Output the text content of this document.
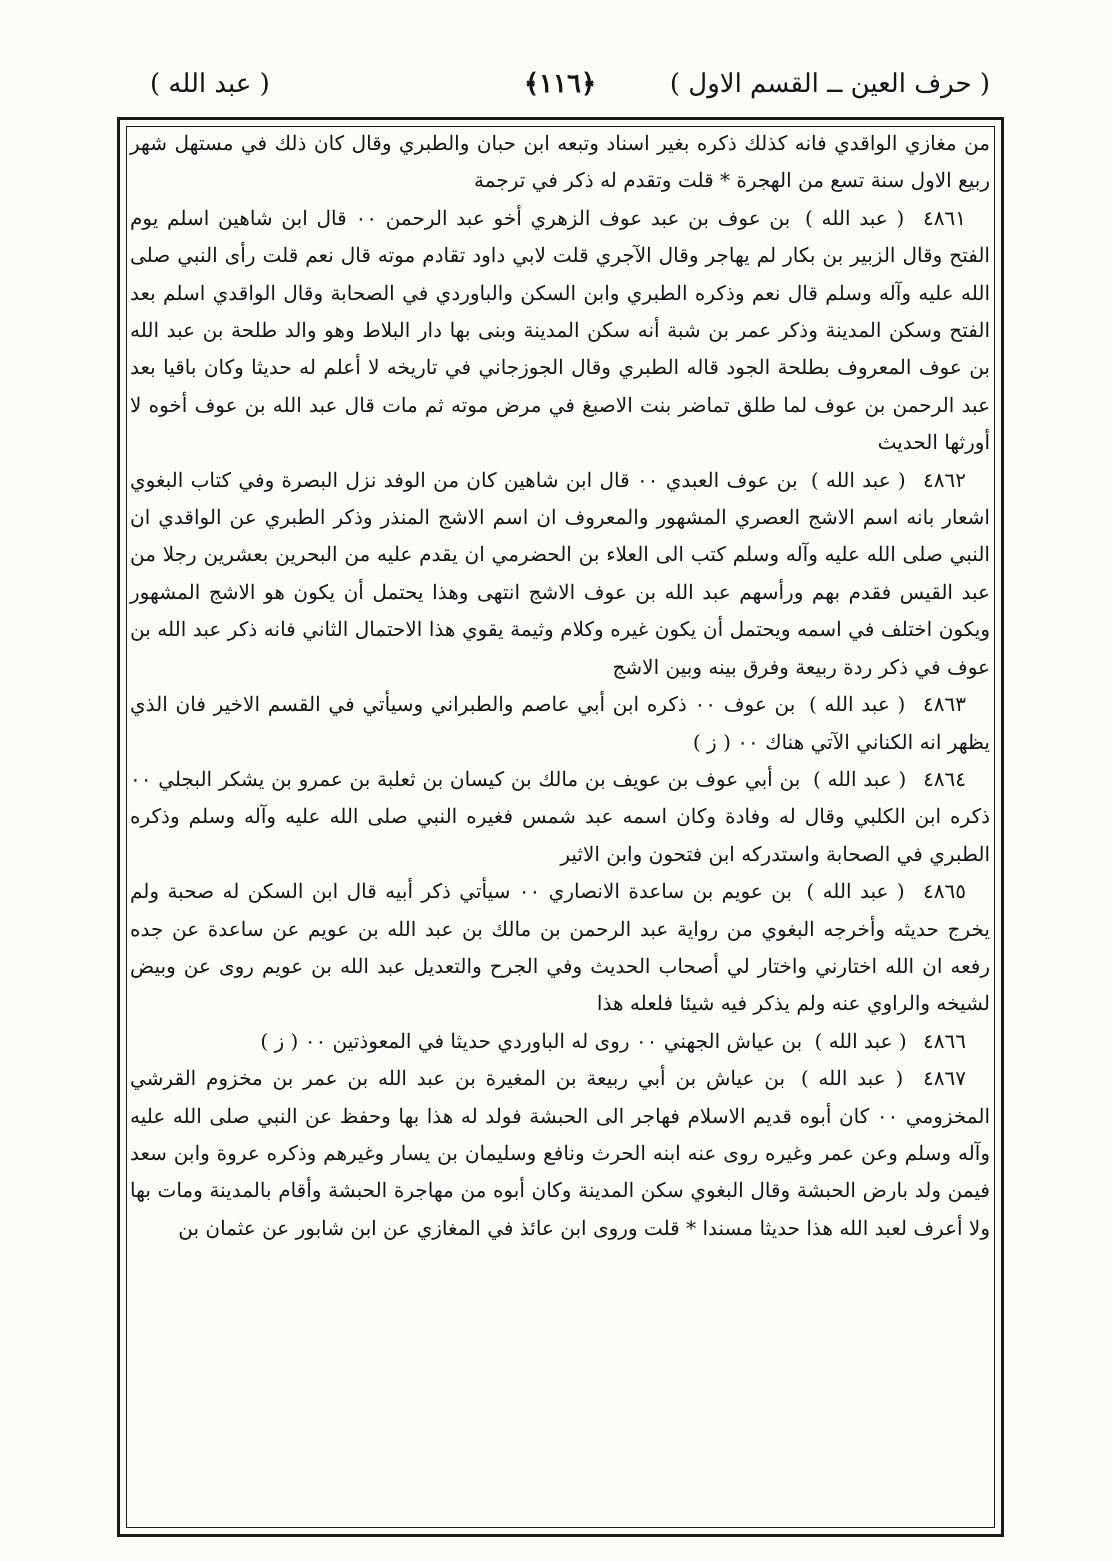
( حرف العين ــ القسم الاول )
﴿١١٦﴾
( عبد الله )

من مغازي الواقدي فانه كذلك ذكره بغير اسناد وتبعه ابن حبان والطبري وقال كان ذلك في مستهل شهر ربيع الاول سنة تسع من الهجرة * قلت وتقدم له ذكر في ترجمة

٤٨٦١ ( عبد الله ) بن عوف بن عبد عوف الزهري أخو عبد الرحمن ٠٠ قال ابن شاهين اسلم يوم الفتح وقال الزبير بن بكار لم يهاجر وقال الآجري قلت لابي داود تقادم موته قال نعم قلت رأى النبي صلى الله عليه وآله وسلم قال نعم وذكره الطبري وابن السكن والباوردي في الصحابة وقال الواقدي اسلم بعد الفتح وسكن المدينة وذكر عمر بن شبة أنه سكن المدينة وبنى بها دار البلاط وهو والد طلحة بن عبد الله بن عوف المعروف بطلحة الجود قاله الطبري وقال الجوزجاني في تاريخه لا أعلم له حديثا وكان باقيا بعد عبد الرحمن بن عوف لما طلق تماضر بنت الاصبغ في مرض موته ثم مات قال عبد الله بن عوف أخوه لا أورثها الحديث

٤٨٦٢ ( عبد الله ) بن عوف العبدي ٠٠ قال ابن شاهين كان من الوفد نزل البصرة وفي كتاب البغوي اشعار بانه اسم الاشج العصري المشهور والمعروف ان اسم الاشج المنذر وذكر الطبري عن الواقدي ان النبي صلى الله عليه وآله وسلم كتب الى العلاء بن الحضرمي ان يقدم عليه من البحرين بعشرين رجلا من عبد القيس فقدم بهم ورأسهم عبد الله بن عوف الاشج انتهى وهذا يحتمل أن يكون هو الاشج المشهور ويكون اختلف في اسمه ويحتمل أن يكون غيره وكلام وثيمة يقوي هذا الاحتمال الثاني فانه ذكر عبد الله بن عوف في ذكر ردة ربيعة وفرق بينه وبين الاشج

٤٨٦٣ ( عبد الله ) بن عوف ٠٠ ذكره ابن أبي عاصم والطبراني وسيأتي في القسم الاخير فان الذي يظهر انه الكناني الآتي هناك ٠٠ ( ز )

٤٨٦٤ ( عبد الله ) بن أبي عوف بن عويف بن مالك بن كيسان بن ثعلبة بن عمرو بن يشكر البجلي ٠٠ ذكره ابن الكلبي وقال له وفادة وكان اسمه عبد شمس فغيره النبي صلى الله عليه وآله وسلم وذكره الطبري في الصحابة واستدركه ابن فتحون وابن الاثير

٤٨٦٥ ( عبد الله ) بن عويم بن ساعدة الانصاري ٠٠ سيأتي ذكر أبيه قال ابن السكن له صحبة ولم يخرج حديثه وأخرجه البغوي من رواية عبد الرحمن بن مالك بن عبد الله بن عويم عن ساعدة عن جده رفعه ان الله اختارني واختار لي أصحاب الحديث وفي الجرح والتعديل عبد الله بن عويم روى عن وبيض لشيخه والراوي عنه ولم يذكر فيه شيئا فلعله هذا

٤٨٦٦ ( عبد الله ) بن عياش الجهني ٠٠ روى له الباوردي حديثا في المعوذتين ٠٠ ( ز )

٤٨٦٧ ( عبد الله ) بن عياش بن أبي ربيعة بن المغيرة بن عبد الله بن عمر بن مخزوم القرشي المخزومي ٠٠ كان أبوه قديم الاسلام فهاجر الى الحبشة فولد له هذا بها وحفظ عن النبي صلى الله عليه وآله وسلم وعن عمر وغيره روى عنه ابنه الحرث ونافع وسليمان بن يسار وغيرهم وذكره عروة وابن سعد فيمن ولد بارض الحبشة وقال البغوي سكن المدينة وكان أبوه من مهاجرة الحبشة وأقام بالمدينة ومات بها ولا أعرف لعبد الله هذا حديثا مسندا * قلت وروى ابن عائذ في المغازي عن ابن شابور عن عثمان بن
